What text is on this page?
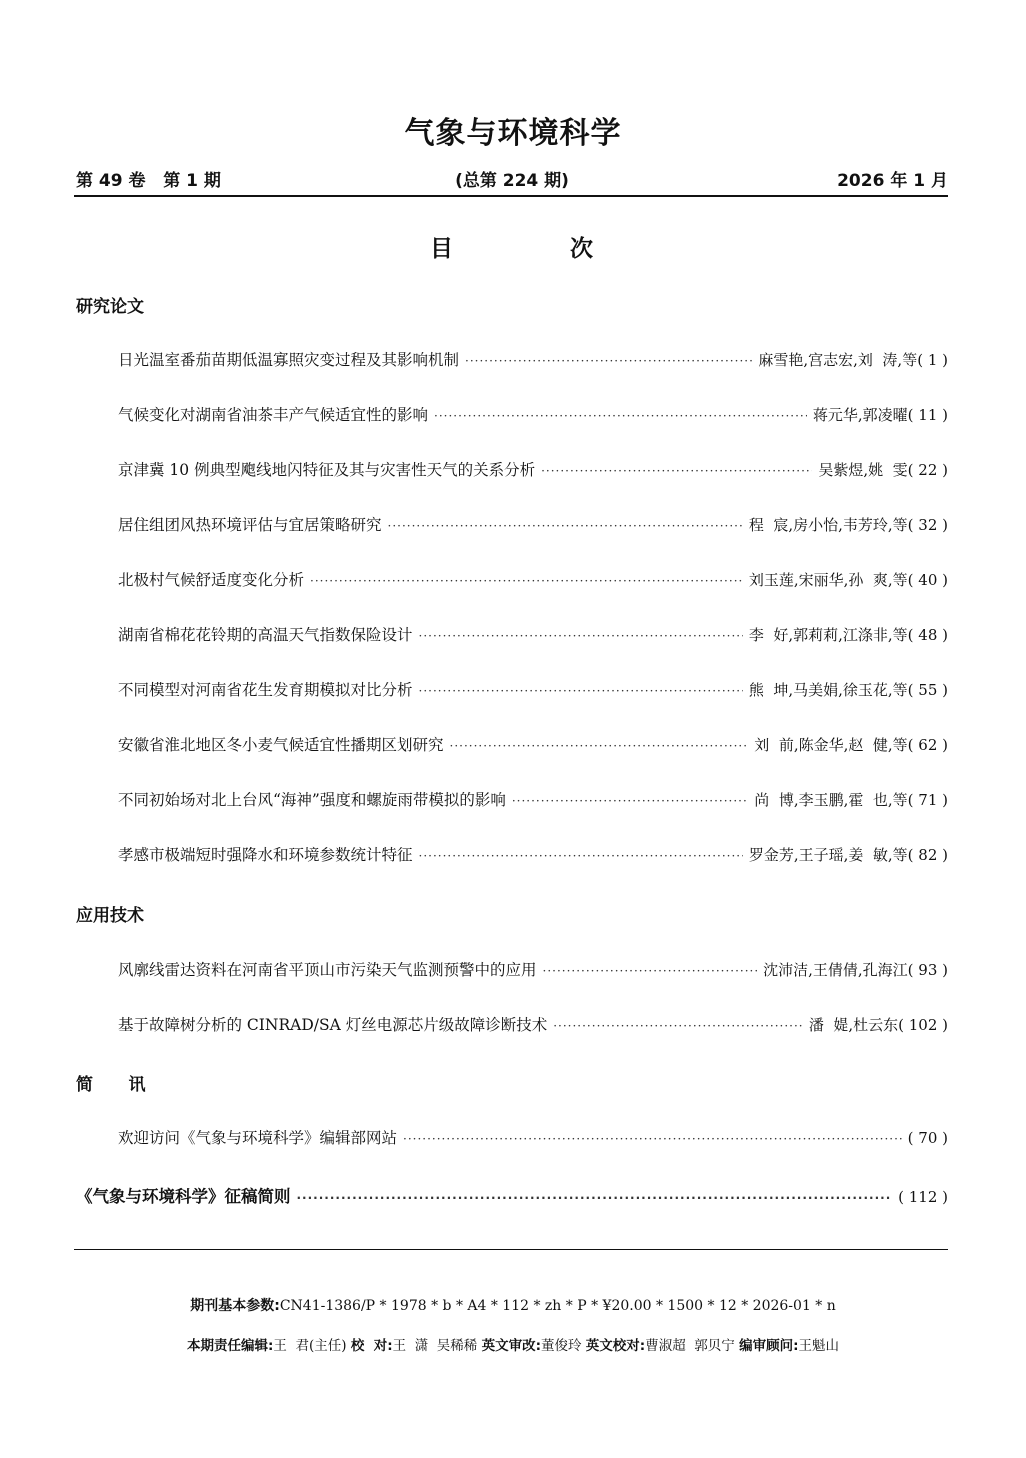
气象与环境科学
第 49 卷   第 1 期	(总第 224 期)	2026 年 1 月
目	次
研究论文
日光温室番茄苗期低温寡照灾变过程及其影响机制 ·····	麻雪艳,宫志宏,刘  涛,等 ( 1 )
气候变化对湖南省油茶丰产气候适宜性的影响 ·····	蒋元华,郭凌曜 ( 11 )
京津冀 10 例典型飑线地闪特征及其与灾害性天气的关系分析 ·····	吴紫煜,姚  雯 ( 22 )
居住组团风热环境评估与宜居策略研究 ·····	程  宸,房小怡,韦芳玲,等 ( 32 )
北极村气候舒适度变化分析 ·····	刘玉莲,宋丽华,孙  爽,等 ( 40 )
湖南省棉花花铃期的高温天气指数保险设计 ·····	李  好,郭莉莉,江涤非,等 ( 48 )
不同模型对河南省花生发育期模拟对比分析 ·····	熊  坤,马美娟,徐玉花,等 ( 55 )
安徽省淮北地区冬小麦气候适宜性播期区划研究 ·····	刘  前,陈金华,赵  健,等 ( 62 )
不同初始场对北上台风“海神”强度和螺旋雨带模拟的影响 ·····	尚  博,李玉鹏,霍  也,等 ( 71 )
孝感市极端短时强降水和环境参数统计特征 ·····	罗金芳,王子瑶,姜  敏,等 ( 82 )
应用技术
风廓线雷达资料在河南省平顶山市污染天气监测预警中的应用 ·····	沈沛洁,王倩倩,孔海江 ( 93 )
基于故障树分析的 CINRAD/SA 灯丝电源芯片级故障诊断技术 ·····	潘  媞,杜云东 ( 102 )
简      讯
欢迎访问《气象与环境科学》编辑部网站 ·····	( 70 )
《气象与环境科学》征稿简则 ·····	( 112 )
期刊基本参数:CN41-1386/P * 1978 * b * A4 * 112 * zh * P * ¥20.00 * 1500 * 12 * 2026-01 * n
本期责任编辑:王  君(主任) 校  对:王  潇  吴稀稀 英文审改:董俊玲 英文校对:曹淑超  郭贝宁 编审顾问:王魁山
